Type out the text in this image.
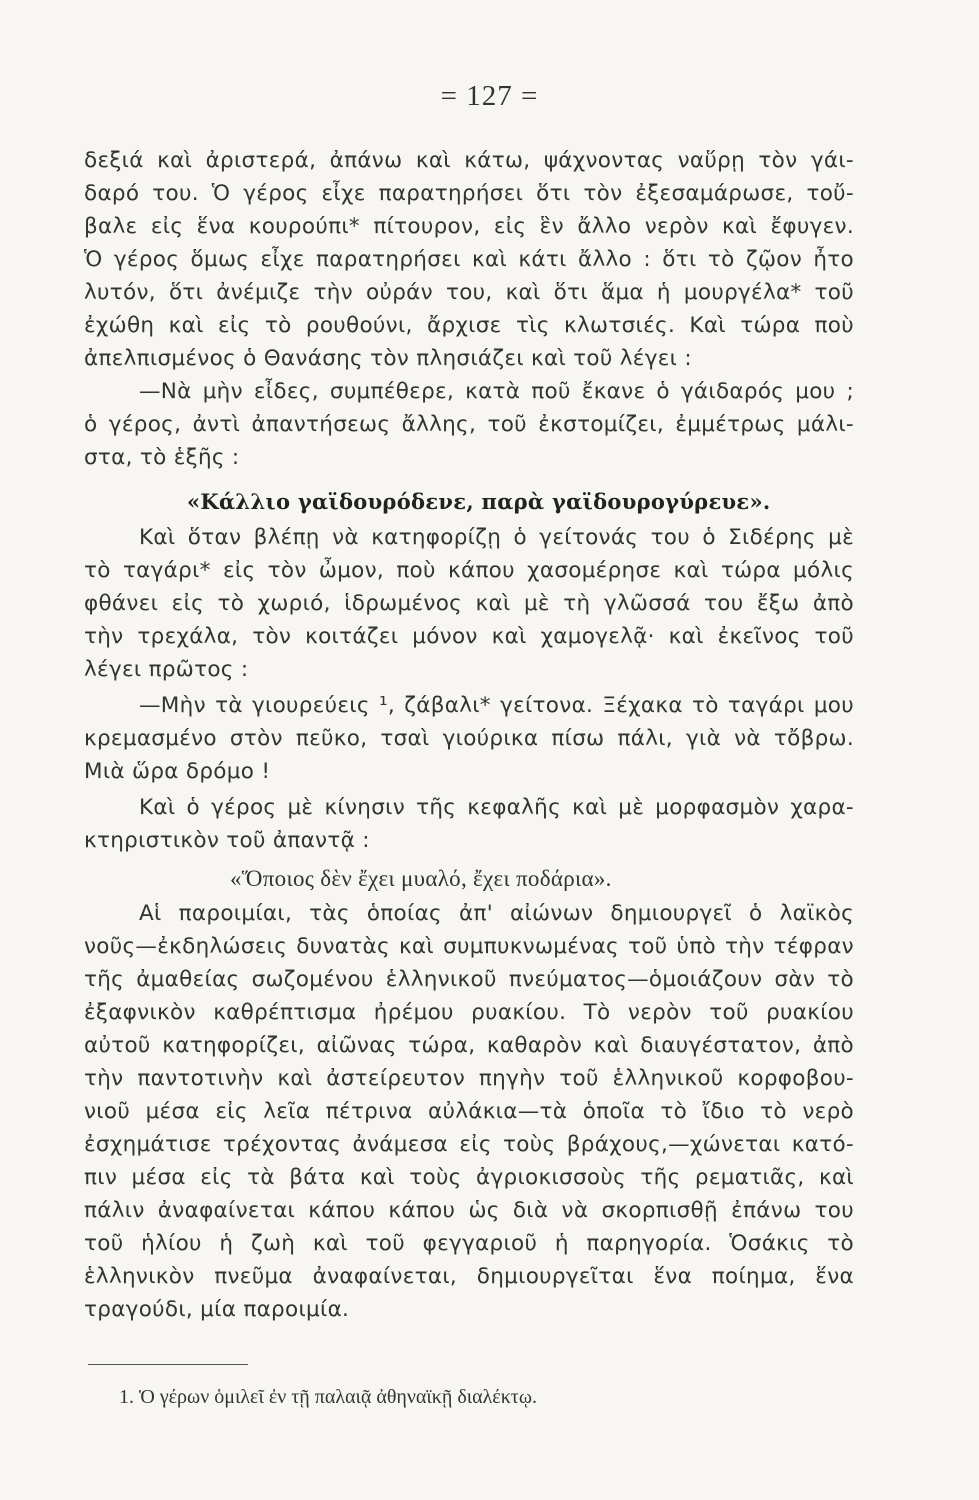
= 127 =
δεξιά καὶ ἀριστερά, ἀπάνω καὶ κάτω, ψάχνοντας ναὕρῃ τὸν γάι-
δαρό του. Ὁ γέρος εἶχε παρατηρήσει ὅτι τὸν ἐξεσαμάρωσε, τοὔ-
βαλε εἰς ἕνα κουρούπι* πίτουρον, εἰς ἓν ἄλλο νερὸν καὶ ἔφυγεν.
Ὁ γέρος ὅμως εἶχε παρατηρήσει καὶ κάτι ἄλλο : ὅτι τὸ ζῷον ἦτο
λυτόν, ὅτι ἀνέμιζε τὴν οὐράν του, καὶ ὅτι ἅμα ἡ μουργέλα* τοῦ
ἐχώθη καὶ εἰς τὸ ρουθούνι, ἄρχισε τὶς κλωτσιές. Καὶ τώρα ποὺ
ἀπελπισμένος ὁ Θανάσης τὸν πλησιάζει καὶ τοῦ λέγει :
—Νὰ μὴν εἶδες, συμπέθερε, κατὰ ποῦ ἔκανε ὁ γάιδαρός μου ;
ὁ γέρος, ἀντὶ ἀπαντήσεως ἄλλης, τοῦ ἐκστομίζει, ἐμμέτρως μάλι-
στα, τὸ ἑξῆς :
«Κάλλιο γαϊδουρόδενε, παρὰ γαϊδουρογύρευε».
Καὶ ὅταν βλέπῃ νὰ κατηφορίζῃ ὁ γείτονάς του ὁ Σιδέρης μὲ
τὸ ταγάρι* εἰς τὸν ὦμον, ποὺ κάπου χασομέρησε καὶ τώρα μόλις
φθάνει εἰς τὸ χωριό, ἱδρωμένος καὶ μὲ τὴ γλῶσσά του ἔξω ἀπὸ
τὴν τρεχάλα, τὸν κοιτάζει μόνον καὶ χαμογελᾷ· καὶ ἐκεῖνος τοῦ
λέγει πρῶτος :
—Μὴν τὰ γιουρεύεις ¹, ζάβαλι* γείτονα. Ξέχακα τὸ ταγάρι μου
κρεμασμένο στὸν πεῦκο, τσαὶ γιούρικα πίσω πάλι, γιὰ νὰ τὄβρω.
Μιὰ ὥρα δρόμο !
Καὶ ὁ γέρος μὲ κίνησιν τῆς κεφαλῆς καὶ μὲ μορφασμὸν χαρα-
κτηριστικὸν τοῦ ἀπαντᾷ :
«Ὅποιος δὲν ἔχει μυαλό, ἔχει ποδάρια».
Αἱ παροιμίαι, τὰς ὁποίας ἀπ' αἰώνων δημιουργεῖ ὁ λαϊκὸς
νοῦς—ἐκδηλώσεις δυνατὰς καὶ συμπυκνωμένας τοῦ ὑπὸ τὴν τέφραν
τῆς ἀμαθείας σωζομένου ἑλληνικοῦ πνεύματος—ὁμοιάζουν σὰν τὸ
ἐξαφνικὸν καθρέπτισμα ἠρέμου ρυακίου. Τὸ νερὸν τοῦ ρυακίου
αὐτοῦ κατηφορίζει, αἰῶνας τώρα, καθαρὸν καὶ διαυγέστατον, ἀπὸ
τὴν παντοτινὴν καὶ ἀστείρευτον πηγὴν τοῦ ἑλληνικοῦ κορφοβου-
νιοῦ μέσα εἰς λεῖα πέτρινα αὐλάκια—τὰ ὁποῖα τὸ ἴδιο τὸ νερὸ
ἐσχημάτισε τρέχοντας ἀνάμεσα εἰς τοὺς βράχους,—χώνεται κατό-
πιν μέσα εἰς τὰ βάτα καὶ τοὺς ἀγριοκισσοὺς τῆς ρεματιᾶς, καὶ
πάλιν ἀναφαίνεται κάπου κάπου ὡς διὰ νὰ σκορπισθῇ ἐπάνω του
τοῦ ἡλίου ἡ ζωὴ καὶ τοῦ φεγγαριοῦ ἡ παρηγορία. Ὁσάκις τὸ
ἑλληνικὸν πνεῦμα ἀναφαίνεται, δημιουργεῖται ἕνα ποίημα, ἕνα
τραγούδι, μία παροιμία.
1. Ὁ γέρων ὁμιλεῖ ἐν τῇ παλαιᾷ ἀθηναϊκῇ διαλέκτῳ.
